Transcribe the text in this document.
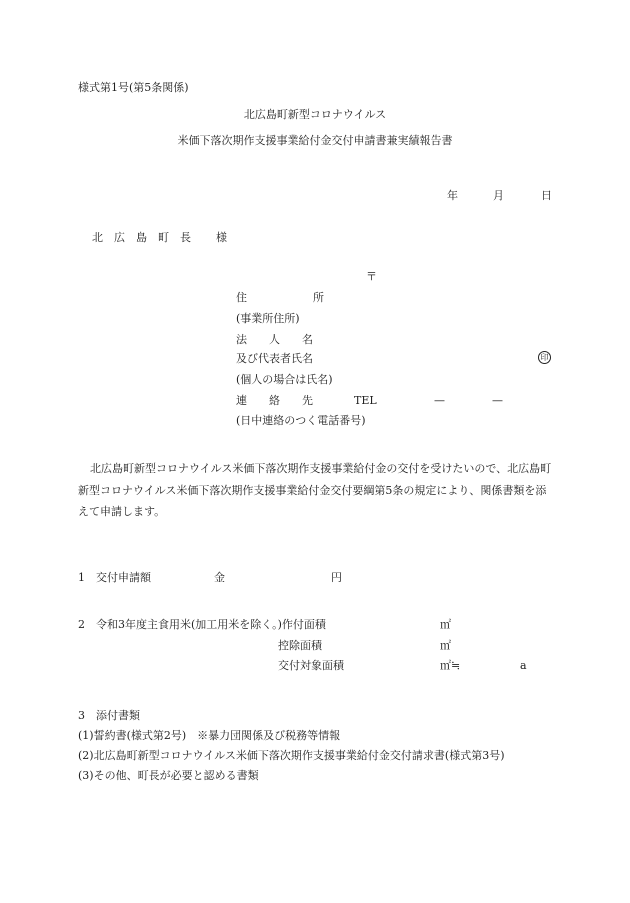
様式第1号(第5条関係)
北広島町新型コロナウイルス
米価下落次期作支援事業給付金交付申請書兼実績報告書
年	月	日
北　広　島　町　長 様
〒
住　　　　　　所
(事業所住所)
法　　人　　名
及び代表者氏名	印
(個人の場合は氏名)
連　　絡　　先	TEL	—	—
(日中連絡のつく電話番号)
北広島町新型コロナウイルス米価下落次期作支援事業給付金の交付を受けたいので、北広島町新型コロナウイルス米価下落次期作支援事業給付金交付要綱第5条の規定により、関係書類を添えて申請します。
1　交付申請額	金	円
2　令和3年度主食用米(加工用米を除く。)作付面積	㎡
控除面積	㎡
交付対象面積	㎡≒	a
3　添付書類
(1)誓約書(様式第2号)　※暴力団関係及び税務等情報
(2)北広島町新型コロナウイルス米価下落次期作支援事業給付金交付請求書(様式第3号)
(3)その他、町長が必要と認める書類
